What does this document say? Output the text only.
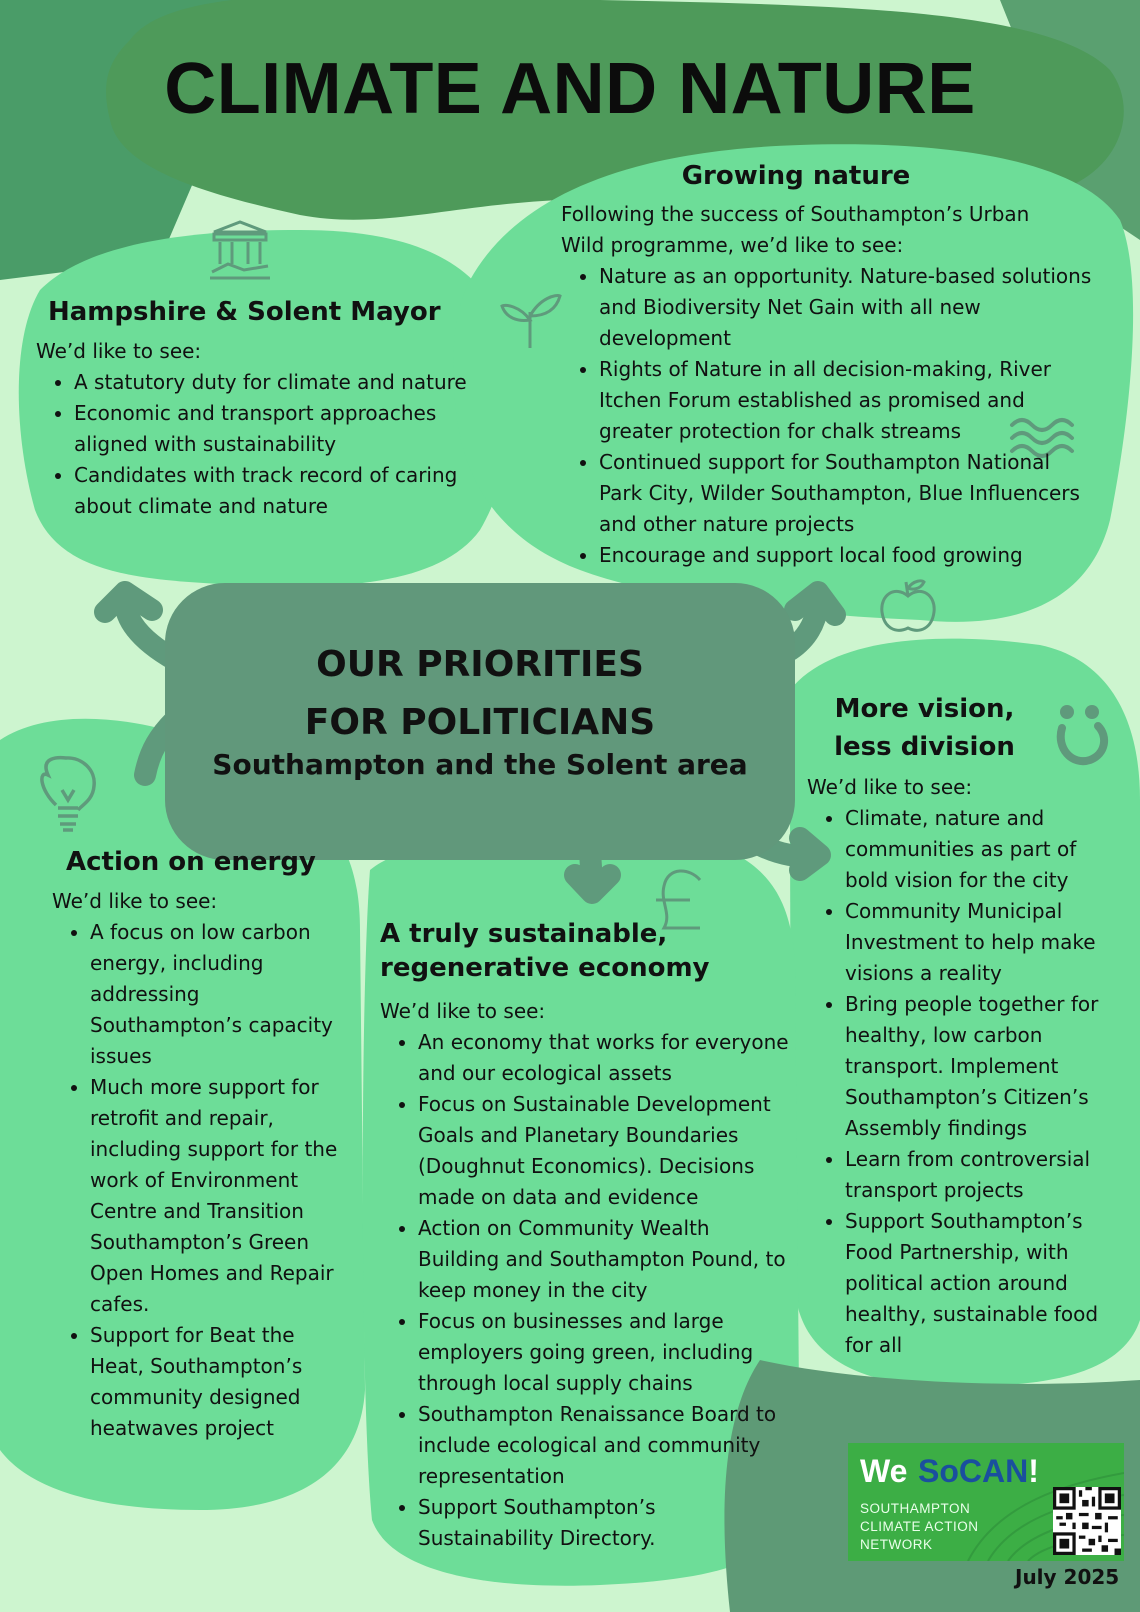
CLIMATE AND NATURE
OUR PRIORITIES
FOR POLITICIANS
Southampton and the Solent area
Hampshire & Solent Mayor

We’d like to see:

• A statutory duty for climate and nature
• Economic and transport approaches aligned with sustainability
• Candidates with track record of caring about climate and nature
Growing nature

Following the success of Southampton’s Urban Wild programme, we’d like to see:

• Nature as an opportunity. Nature-based solutions and Biodiversity Net Gain with all new development
• Rights of Nature in all decision-making, River Itchen Forum established as promised and greater protection for chalk streams
• Continued support for Southampton National Park City, Wilder Southampton, Blue Influencers and other nature projects
• Encourage and support local food growing
Action on energy

We’d like to see:

• A focus on low carbon energy, including addressing Southampton’s capacity issues
• Much more support for retrofit and repair, including support for the work of Environment Centre and Transition Southampton’s Green Open Homes and Repair cafes.
• Support for Beat the Heat, Southampton’s community designed heatwaves project
A truly sustainable,
regenerative economy

We’d like to see:

• An economy that works for everyone and our ecological assets
• Focus on Sustainable Development Goals and Planetary Boundaries (Doughnut Economics). Decisions made on data and evidence
• Action on Community Wealth Building and Southampton Pound, to keep money in the city
• Focus on businesses and large employers going green, including through local supply chains
• Southampton Renaissance Board to include ecological and community representation
• Support Southampton’s Sustainability Directory.
More vision,
less division

We’d like to see:

• Climate, nature and communities as part of bold vision for the city
• Community Municipal Investment to help make visions a reality
• Bring people together for healthy, low carbon transport. Implement Southampton’s Citizen’s Assembly findings
• Learn from controversial transport projects
• Support Southampton’s Food Partnership, with political action around healthy, sustainable food for all
We SoCAN!
SOUTHAMPTON
CLIMATE ACTION
NETWORK
July 2025
